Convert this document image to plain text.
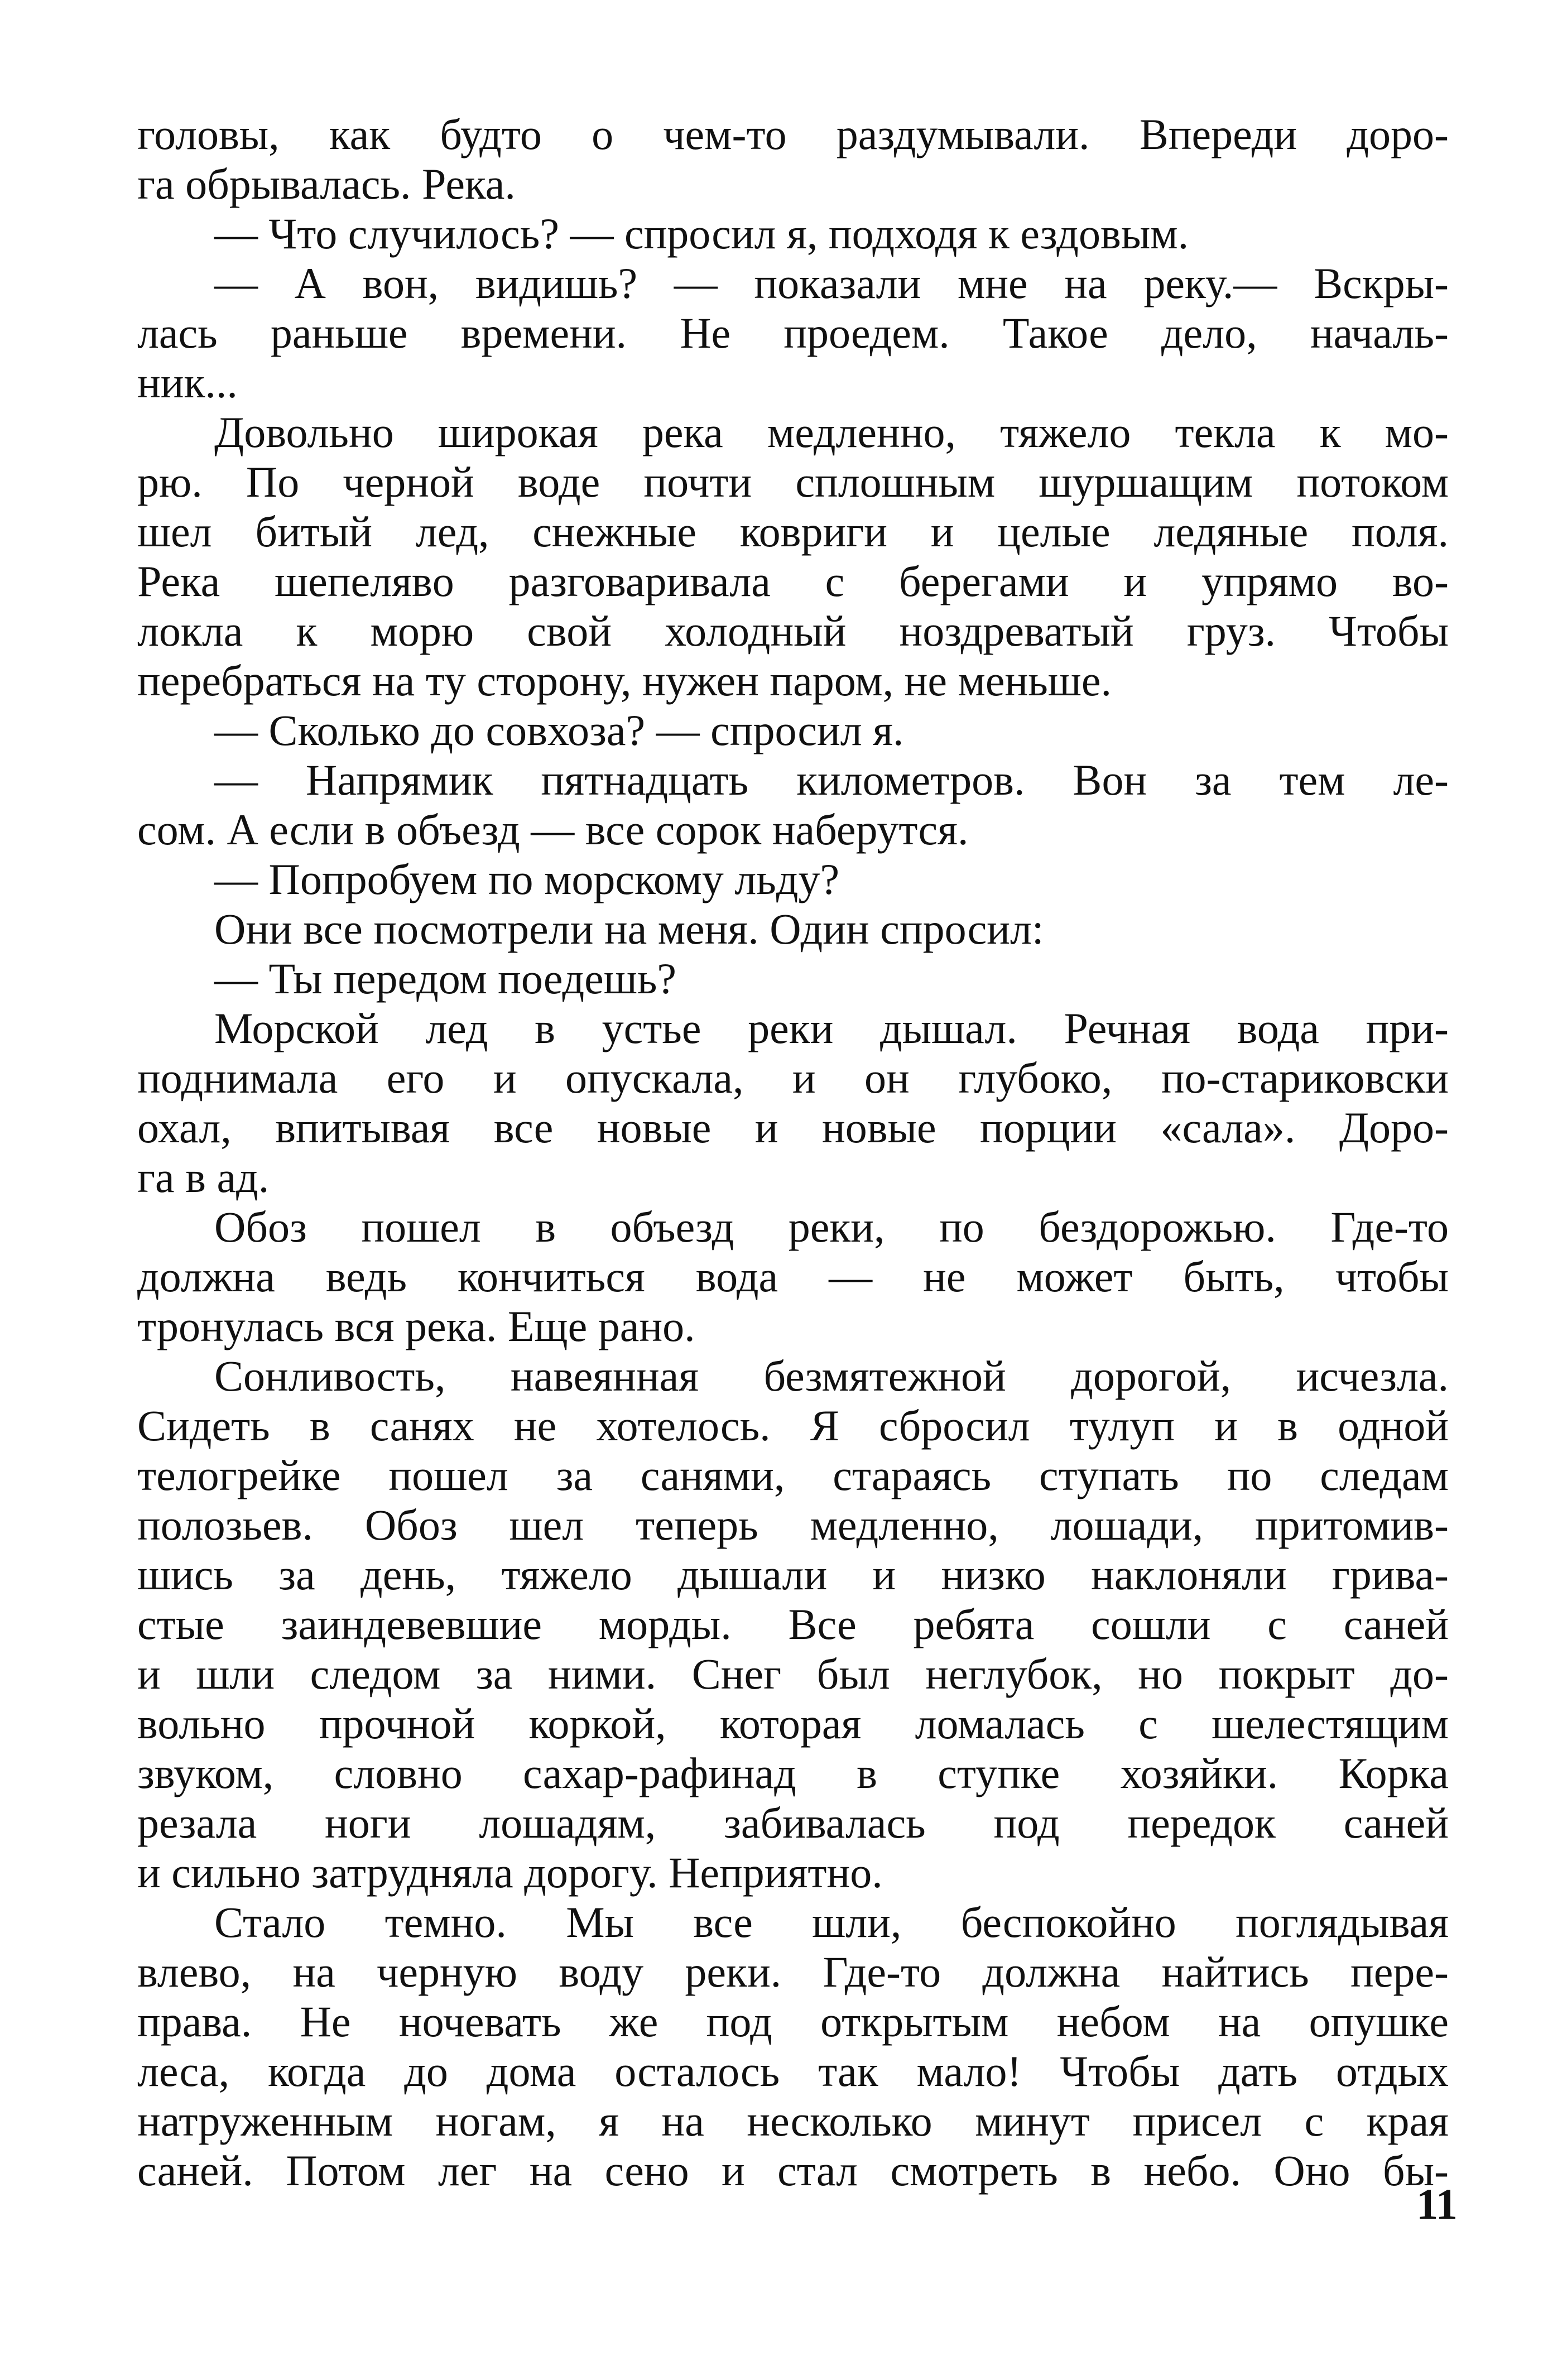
головы, как будто о чем-то раздумывали. Впереди доро-
га обрывалась. Река.
— Что случилось? — спросил я, подходя к ездовым.
— А вон, видишь? — показали мне на реку.— Вскры-
лась раньше времени. Не проедем. Такое дело, началь-
ник...
Довольно широкая река медленно, тяжело текла к мо-
рю. По черной воде почти сплошным шуршащим потоком
шел битый лед, снежные ковриги и целые ледяные поля.
Река шепелявo разговаривала с берегами и упрямо во-
локла к морю свой холодный ноздреватый груз. Чтобы
перебраться на ту сторону, нужен паром, не меньше.
— Сколько до совхоза? — спросил я.
— Напрямик пятнадцать километров. Вон за тем ле-
сом. А если в объезд — все сорок наберутся.
— Попробуем по морскому льду?
Они все посмотрели на меня. Один спросил:
— Ты передом поедешь?
Морской лед в устье реки дышал. Речная вода при-
поднимала его и опускала, и он глубоко, по-стариковски
охал, впитывая все новые и новые порции «сала». Доро-
га в ад.
Обоз пошел в объезд реки, по бездорожью. Где-то
должна ведь кончиться вода — не может быть, чтобы
тронулась вся река. Еще рано.
Сонливость, навеянная безмятежной дорогой, исчезла.
Сидеть в санях не хотелось. Я сбросил тулуп и в одной
телогрейке пошел за санями, стараясь ступать по следам
полозьев. Обоз шел теперь медленно, лошади, притомив-
шись за день, тяжело дышали и низко наклоняли грива-
стые заиндевевшие морды. Все ребята сошли с саней
и шли следом за ними. Снег был неглубок, но покрыт до-
вольно прочной коркой, которая ломалась с шелестящим
звуком, словно сахар-рафинад в ступке хозяйки. Корка
резала ноги лошадям, забивалась под передок саней
и сильно затрудняла дорогу. Неприятно.
Стало темно. Мы все шли, беспокойно поглядывая
влево, на черную воду реки. Где-то должна найтись пере-
права. Не ночевать же под открытым небом на опушке
леса, когда до дома осталось так мало! Чтобы дать отдых
натруженным ногам, я на несколько минут присел с края
саней. Потом лег на сено и стал смотреть в небо. Оно бы-
11
